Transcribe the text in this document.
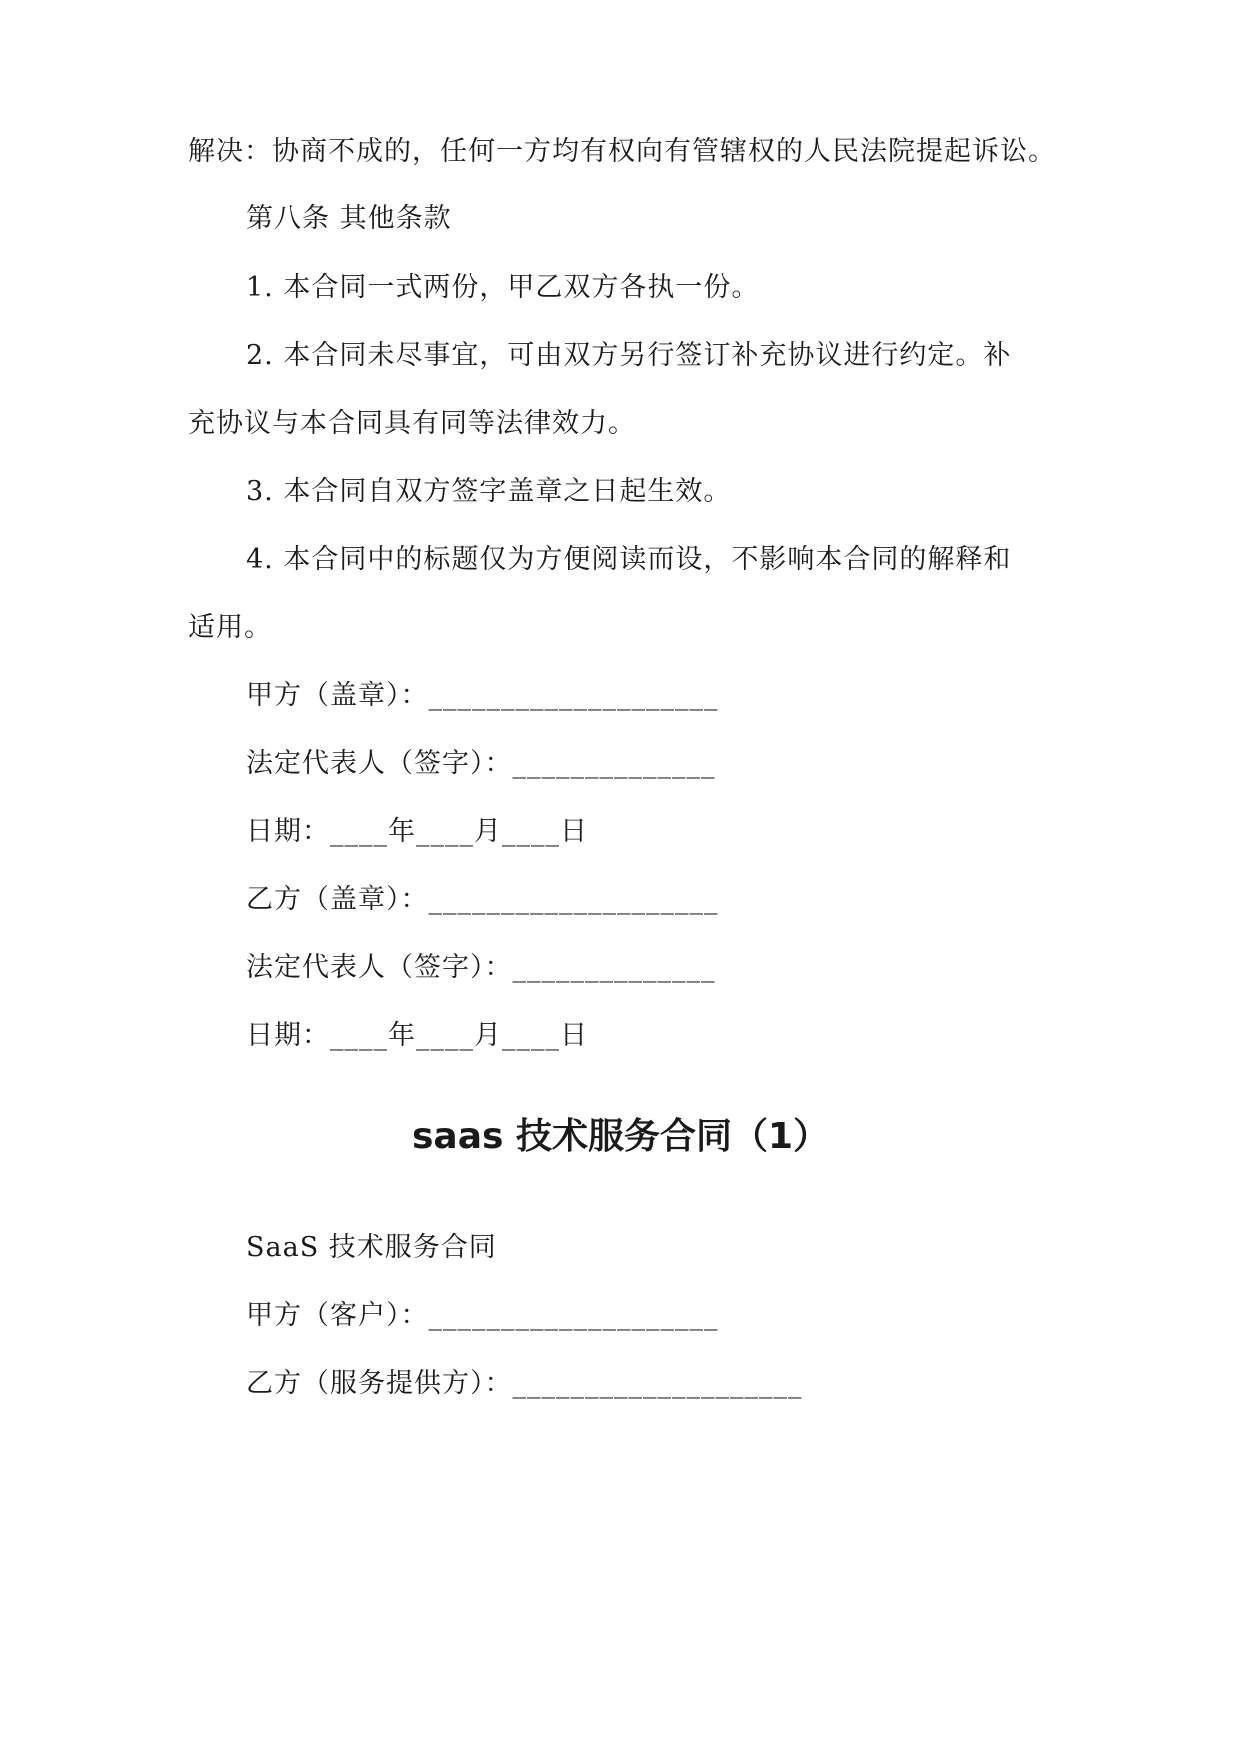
解决：协商不成的，任何一方均有权向有管辖权的人民法院提起诉讼。
第八条 其他条款
1. 本合同一式两份，甲乙双方各执一份。
2. 本合同未尽事宜，可由双方另行签订补充协议进行约定。补
充协议与本合同具有同等法律效力。
3. 本合同自双方签字盖章之日起生效。
4. 本合同中的标题仅为方便阅读而设，不影响本合同的解释和
适用。
甲方（盖章）：____________________
法定代表人（签字）：______________
日期：____年____月____日
乙方（盖章）：____________________
法定代表人（签字）：______________
日期：____年____月____日
saas 技术服务合同（1）
SaaS 技术服务合同
甲方（客户）：____________________
乙方（服务提供方）：____________________
